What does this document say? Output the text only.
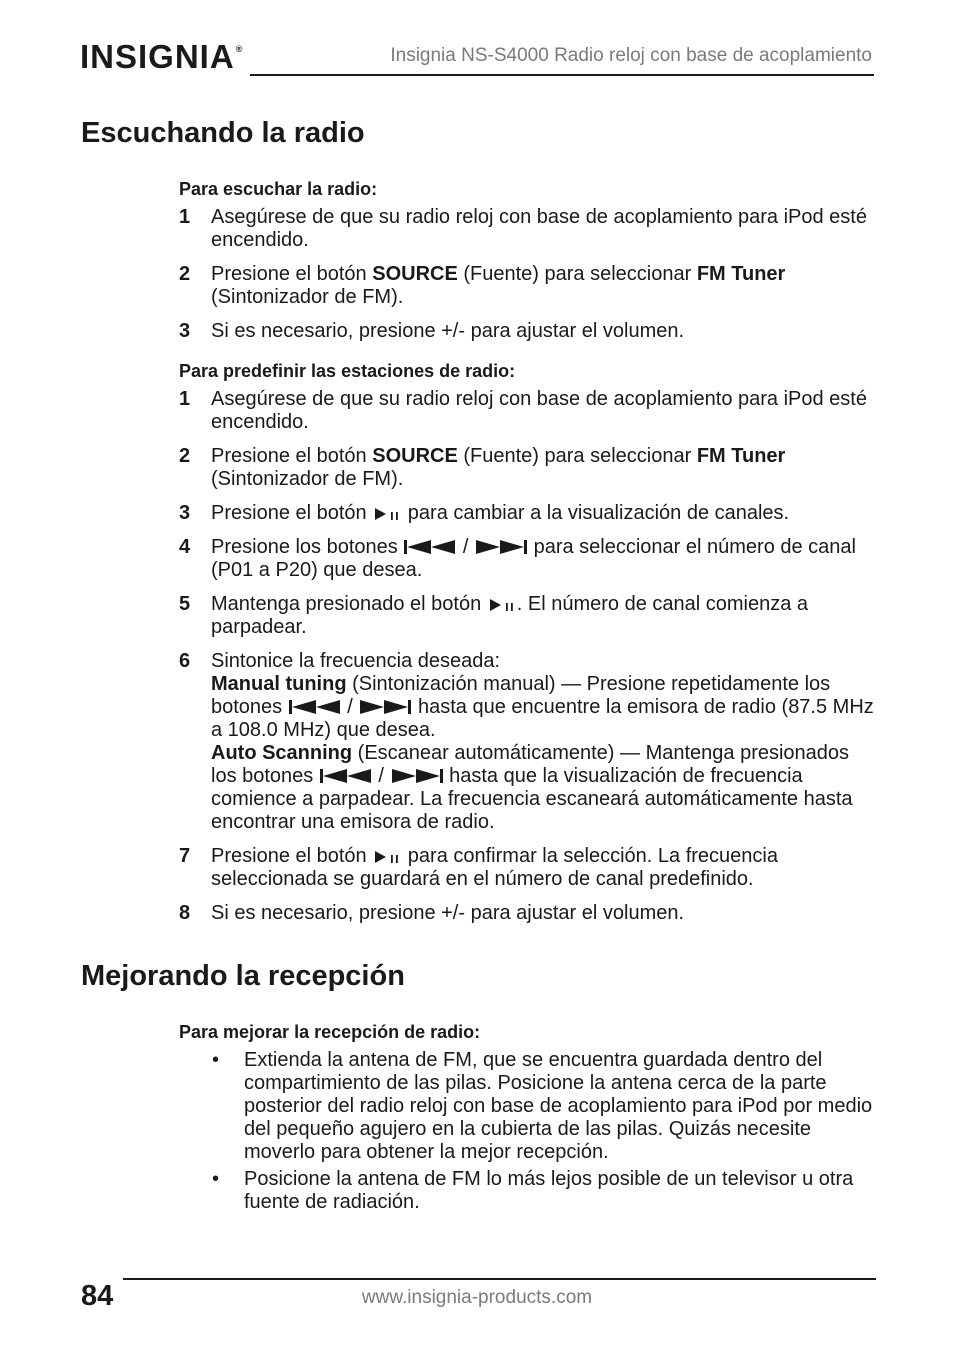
INSIGNIA®	Insignia NS-S4000 Radio reloj con base de acoplamiento
Escuchando la radio

Para escuchar la radio:

1 Asegúrese de que su radio reloj con base de acoplamiento para iPod esté encendido.
2 Presione el botón SOURCE (Fuente) para seleccionar FM Tuner (Sintonizador de FM).
3 Si es necesario, presione +/- para ajustar el volumen.

Para predefinir las estaciones de radio:

1 Asegúrese de que su radio reloj con base de acoplamiento para iPod esté encendido.
2 Presione el botón SOURCE (Fuente) para seleccionar FM Tuner (Sintonizador de FM).
3 Presione el botón  para cambiar a la visualización de canales.
4 Presione los botones	/	para seleccionar el número de canal (P01 a P20) que desea.
5 Mantenga presionado el botón . El número de canal comienza a parpadear.
6 Sintonice la frecuencia deseada:
Manual tuning (Sintonización manual) — Presione repetidamente los botones	/	hasta que encuentre la emisora de radio (87.5 MHz a 108.0 MHz) que desea.
Auto Scanning (Escanear automáticamente) — Mantenga presionados los botones	/	hasta que la visualización de frecuencia comience a parpadear. La frecuencia escaneará automáticamente hasta encontrar una emisora de radio.
7 Presione el botón  para confirmar la selección. La frecuencia seleccionada se guardará en el número de canal predefinido.
8 Si es necesario, presione +/- para ajustar el volumen.
Mejorando la recepción

Para mejorar la recepción de radio:

• Extienda la antena de FM, que se encuentra guardada dentro del compartimiento de las pilas. Posicione la antena cerca de la parte posterior del radio reloj con base de acoplamiento para iPod por medio del pequeño agujero en la cubierta de las pilas. Quizás necesite moverlo para obtener la mejor recepción.
• Posicione la antena de FM lo más lejos posible de un televisor u otra fuente de radiación.
84	www.insignia-products.com
